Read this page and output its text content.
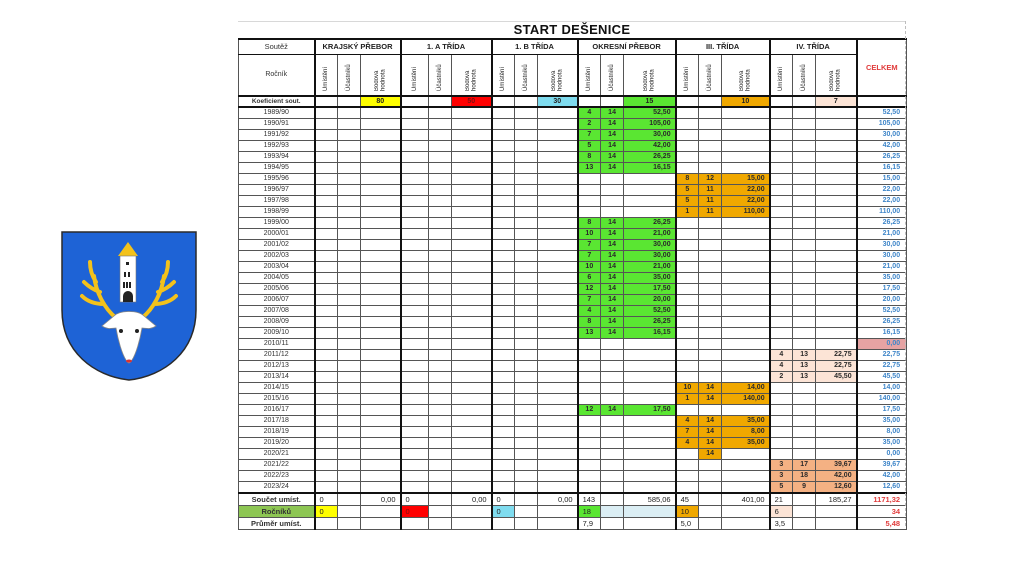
START DEŠENICE
Soutěž	KRAJSKÝ PŘEBOR			1. A TŘÍDA			1. B TŘÍDA			OKRESNÍ PŘEBOR			III. TŘÍDA			IV. TŘÍDA			CELKEM
Ročník	Umístění	Účastníků	Bodová hodnota	Umístění	Účastníků	Bodová hodnota	Umístění	Účastníků	Bodová hodnota	Umístění	Účastníků	Bodová hodnota	Umístění	Účastníků	Bodová hodnota	Umístění	Účastníků	Bodová hodnota	
Koeficient sout.			80			50			30			15			10			7	
1989/90										4	14	52,50							52,50
1990/91										2	14	105,00							105,00
1991/92										7	14	30,00							30,00
1992/93										5	14	42,00							42,00
1993/94										8	14	26,25							26,25
1994/95										13	14	16,15							16,15
1995/96													8	12	15,00				15,00
1996/97													5	11	22,00				22,00
1997/98													5	11	22,00				22,00
1998/99													1	11	110,00				110,00
1999/00										8	14	26,25							26,25
2000/01										10	14	21,00							21,00
2001/02										7	14	30,00							30,00
2002/03										7	14	30,00							30,00
2003/04										10	14	21,00							21,00
2004/05										6	14	35,00							35,00
2005/06										12	14	17,50							17,50
2006/07										7	14	20,00							20,00
2007/08										4	14	52,50							52,50
2008/09										8	14	26,25							26,25
2009/10										13	14	16,15							16,15
2010/11																			0,00
2011/12																4	13	22,75	22,75
2012/13																4	13	22,75	22,75
2013/14																2	13	45,50	45,50
2014/15													10	14	14,00				14,00
2015/16													1	14	140,00				140,00
2016/17										12	14	17,50							17,50
2017/18													4	14	35,00				35,00
2018/19													7	14	8,00				8,00
2019/20													4	14	35,00				35,00
2020/21														14					0,00
2021/22																3	17	39,67	39,67
2022/23																3	18	42,00	42,00
2023/24																5	9	12,60	12,60
Součet umíst.	0		0,00	0		0,00	0		0,00	143		585,06	45		401,00	21		185,27	1171,32
Ročníků	0			0			0			18			10			6			34
Průměr umíst.										7,9			5,0			3,5			5,48
